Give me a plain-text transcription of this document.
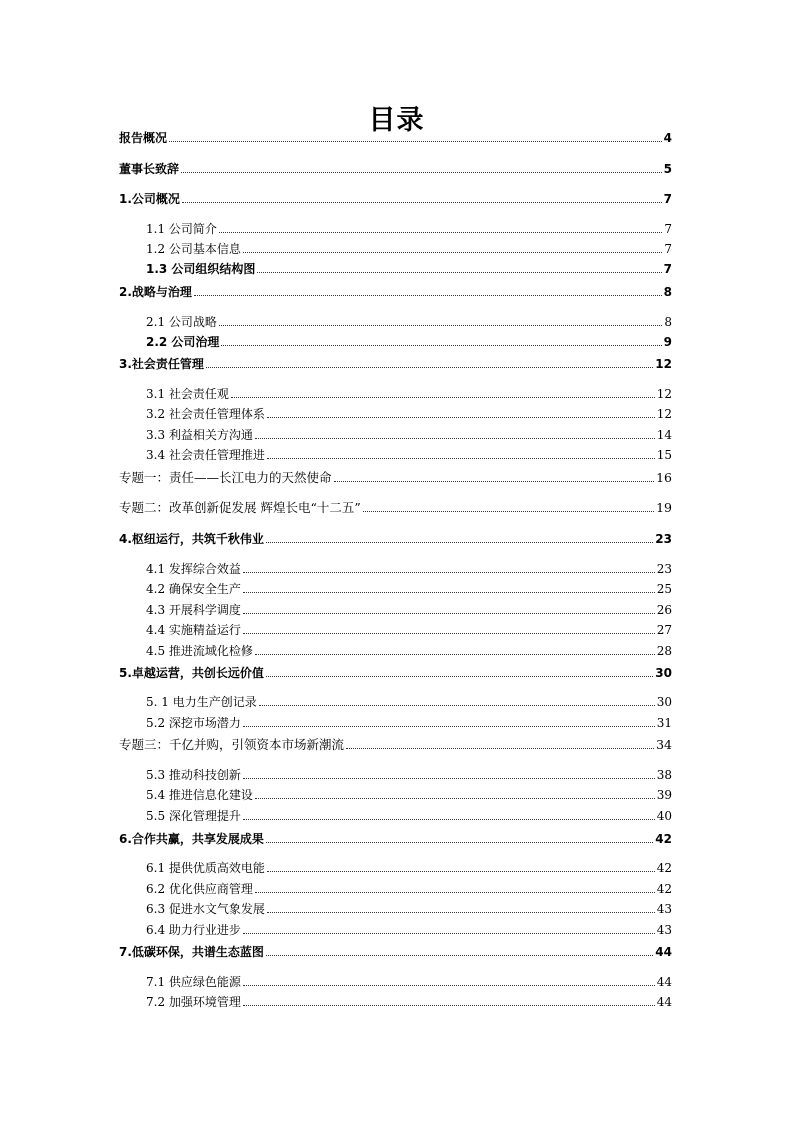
目录
报告概况	4
董事长致辞	5
1.公司概况	7
1.1 公司简介	7
1.2 公司基本信息	7
1.3 公司组织结构图	7
2.战略与治理	8
2.1 公司战略	8
2.2 公司治理	9
3.社会责任管理	12
3.1 社会责任观	12
3.2 社会责任管理体系	12
3.3 利益相关方沟通	14
3.4 社会责任管理推进	15
专题一：责任——长江电力的天然使命	16
专题二：改革创新促发展 辉煌长电“十二五”	19
4.枢纽运行，共筑千秋伟业	23
4.1 发挥综合效益	23
4.2 确保安全生产	25
4.3 开展科学调度	26
4.4 实施精益运行	27
4.5 推进流域化检修	28
5.卓越运营，共创长远价值	30
5. 1 电力生产创记录	30
5.2 深挖市场潜力	31
专题三：千亿并购，引领资本市场新潮流	34
5.3 推动科技创新	38
5.4 推进信息化建设	39
5.5 深化管理提升	40
6.合作共赢，共享发展成果	42
6.1 提供优质高效电能	42
6.2 优化供应商管理	42
6.3 促进水文气象发展	43
6.4 助力行业进步	43
7.低碳环保，共谱生态蓝图	44
7.1 供应绿色能源	44
7.2 加强环境管理	44
